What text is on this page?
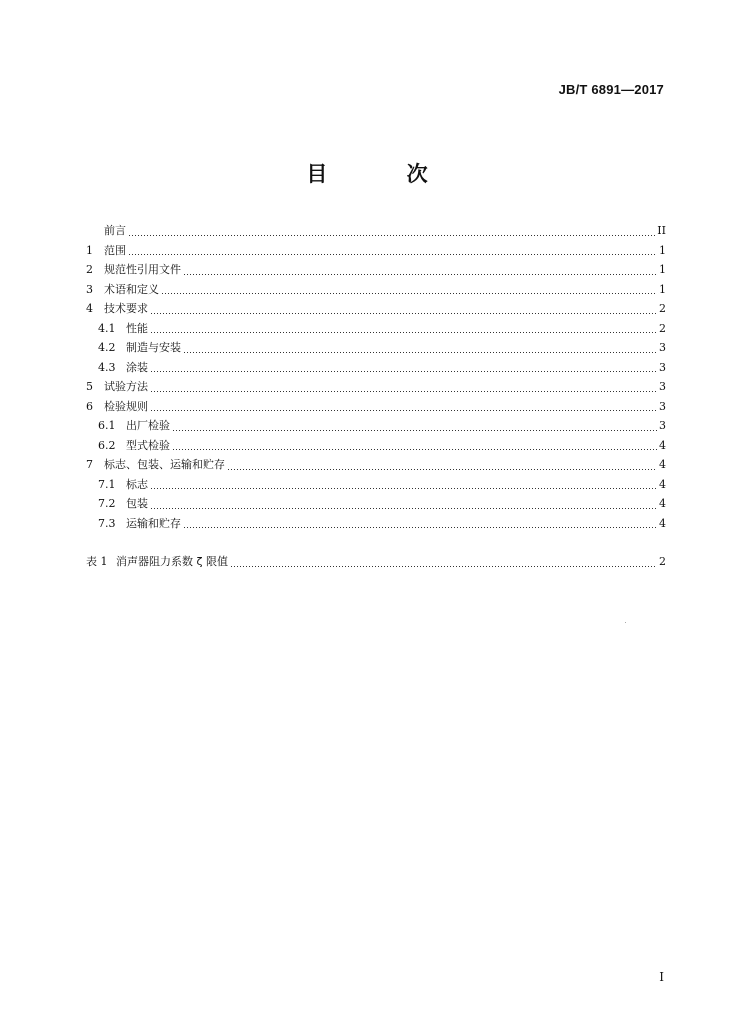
JB/T 6891—2017
目 次
前言	II
1	范围	1
2	规范性引用文件	1
3	术语和定义	1
4	技术要求	2
4.1 性能	2
4.2 制造与安装	3
4.3 涂装	3
5	试验方法	3
6	检验规则	3
6.1 出厂检验	3
6.2 型式检验	4
7	标志、包装、运输和贮存	4
7.1 标志	4
7.2 包装	4
7.3 运输和贮存	4
表 1 消声器阻力系数 ζ 限值	2
I
